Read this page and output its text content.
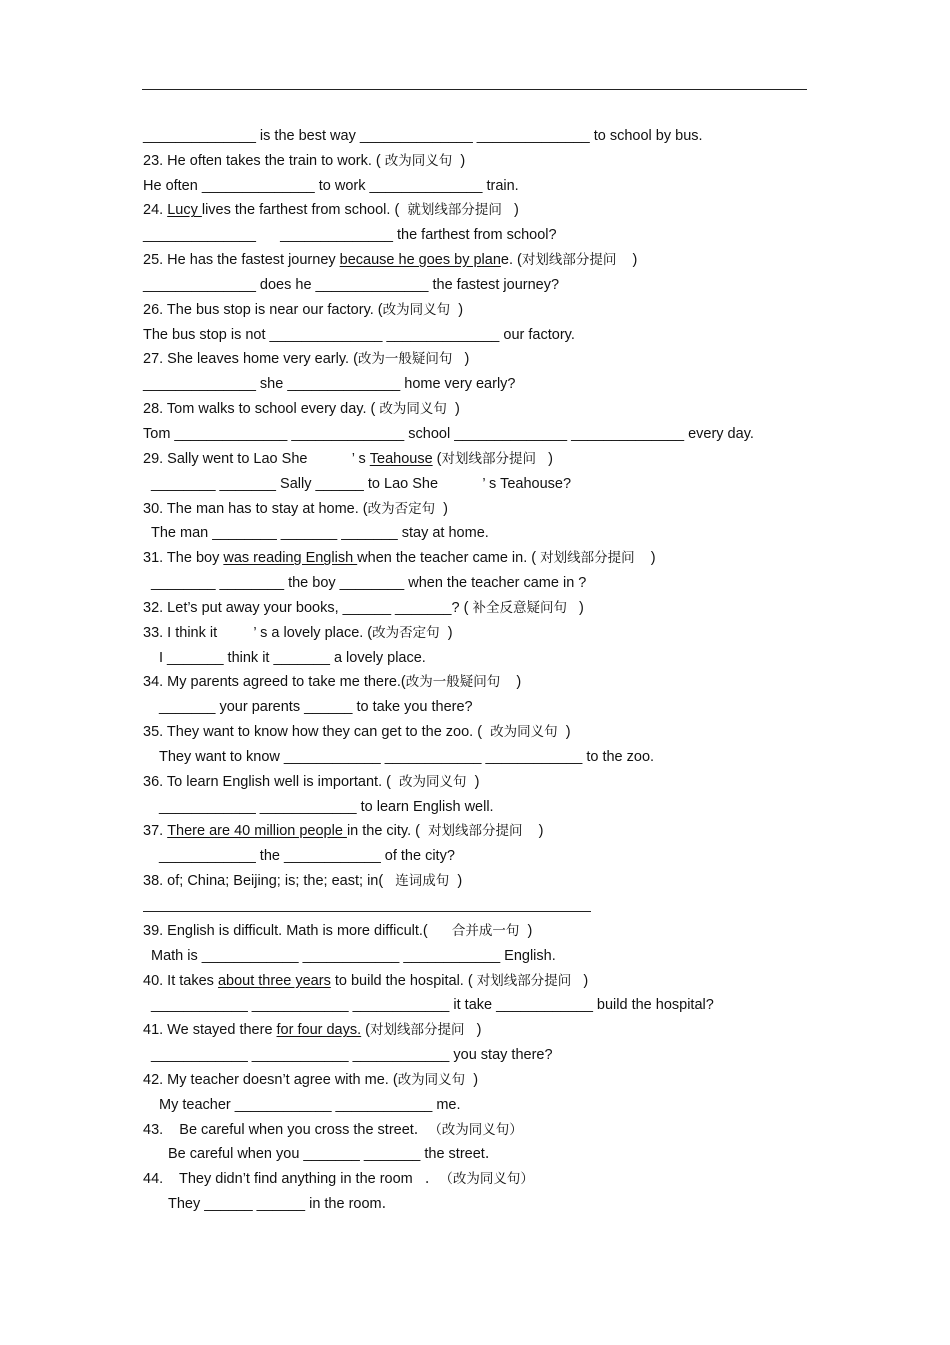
______________ is the best way ______________ ______________ to school by bus.
23. He often takes the train to work. ( 改为同义句 )
He often ______________ to work ______________ train.
24. Lucy lives the farthest from school. ( 就划线部分提问 )
______________      ______________ the farthest from school?
25. He has the fastest journey because he goes by plan e. ( 对划线部分提问 )
______________ does he ______________ the fastest journey?
26. The bus stop is near our factory. ( 改为同义句 )
The bus stop is not ______________ ______________ our factory.
27. She leaves home very early. ( 改为一般疑问句 )
______________ she ______________ home very early?
28. Tom walks to school every day. ( 改为同义句 )
Tom ______________ ______________ school ______________ ______________ every day.
29. Sally went to Lao She           ’ s Teahouse ( 对划线部分提问 )
________ _______ Sally ______ to Lao She           ’ s Teahouse?
30. The man has to stay at home. ( 改为否定句 )
The man ________ _______ _______ stay at home.
31. The boy was reading English when the teacher came in. ( 对划线部分提问 )
________ ________ the boy ________ when the teacher came in ?
32. Let’s put away your books, ______ _______? ( 补全反意疑问句 )
33. I think it         ’ s a lovely place. ( 改为否定句 )
I _______ think it _______ a lovely place.
34. My parents agreed to take me there.( 改为一般疑问句 )
_______ your parents ______ to take you there?
35. They want to know how they can get to the zoo. ( 改为同义句 )
They want to know ____________ ____________ ____________ to the zoo.
36. To learn English well is important. ( 改为同义句 )
____________ ____________ to learn English well.
37. There are 40 million people in the city. ( 对划线部分提问 )
____________ the ____________ of the city?
38. of; China; Beijing; is; the; east; in( 连词成句 )
39. English is difficult. Math is more difficult.( 合并成一句 )
Math is ____________ ____________ ____________ English.
40. It takes about three years to build the hospital. ( 对划线部分提问 )
____________ ____________ ____________ it take ____________ build the hospital?
41. We stayed there for four days. ( 对划线部分提问 )
____________ ____________ ____________ you stay there?
42. My teacher doesn’t agree with me. ( 改为同义句 )
My teacher ____________ ____________ me.
43.    Be careful when you cross the street． （改为同义句）
Be careful when you _______ _______ the street．
44.    They didn’t find anything in the room   ． （改为同义句）
They ______ ______ in the room．
